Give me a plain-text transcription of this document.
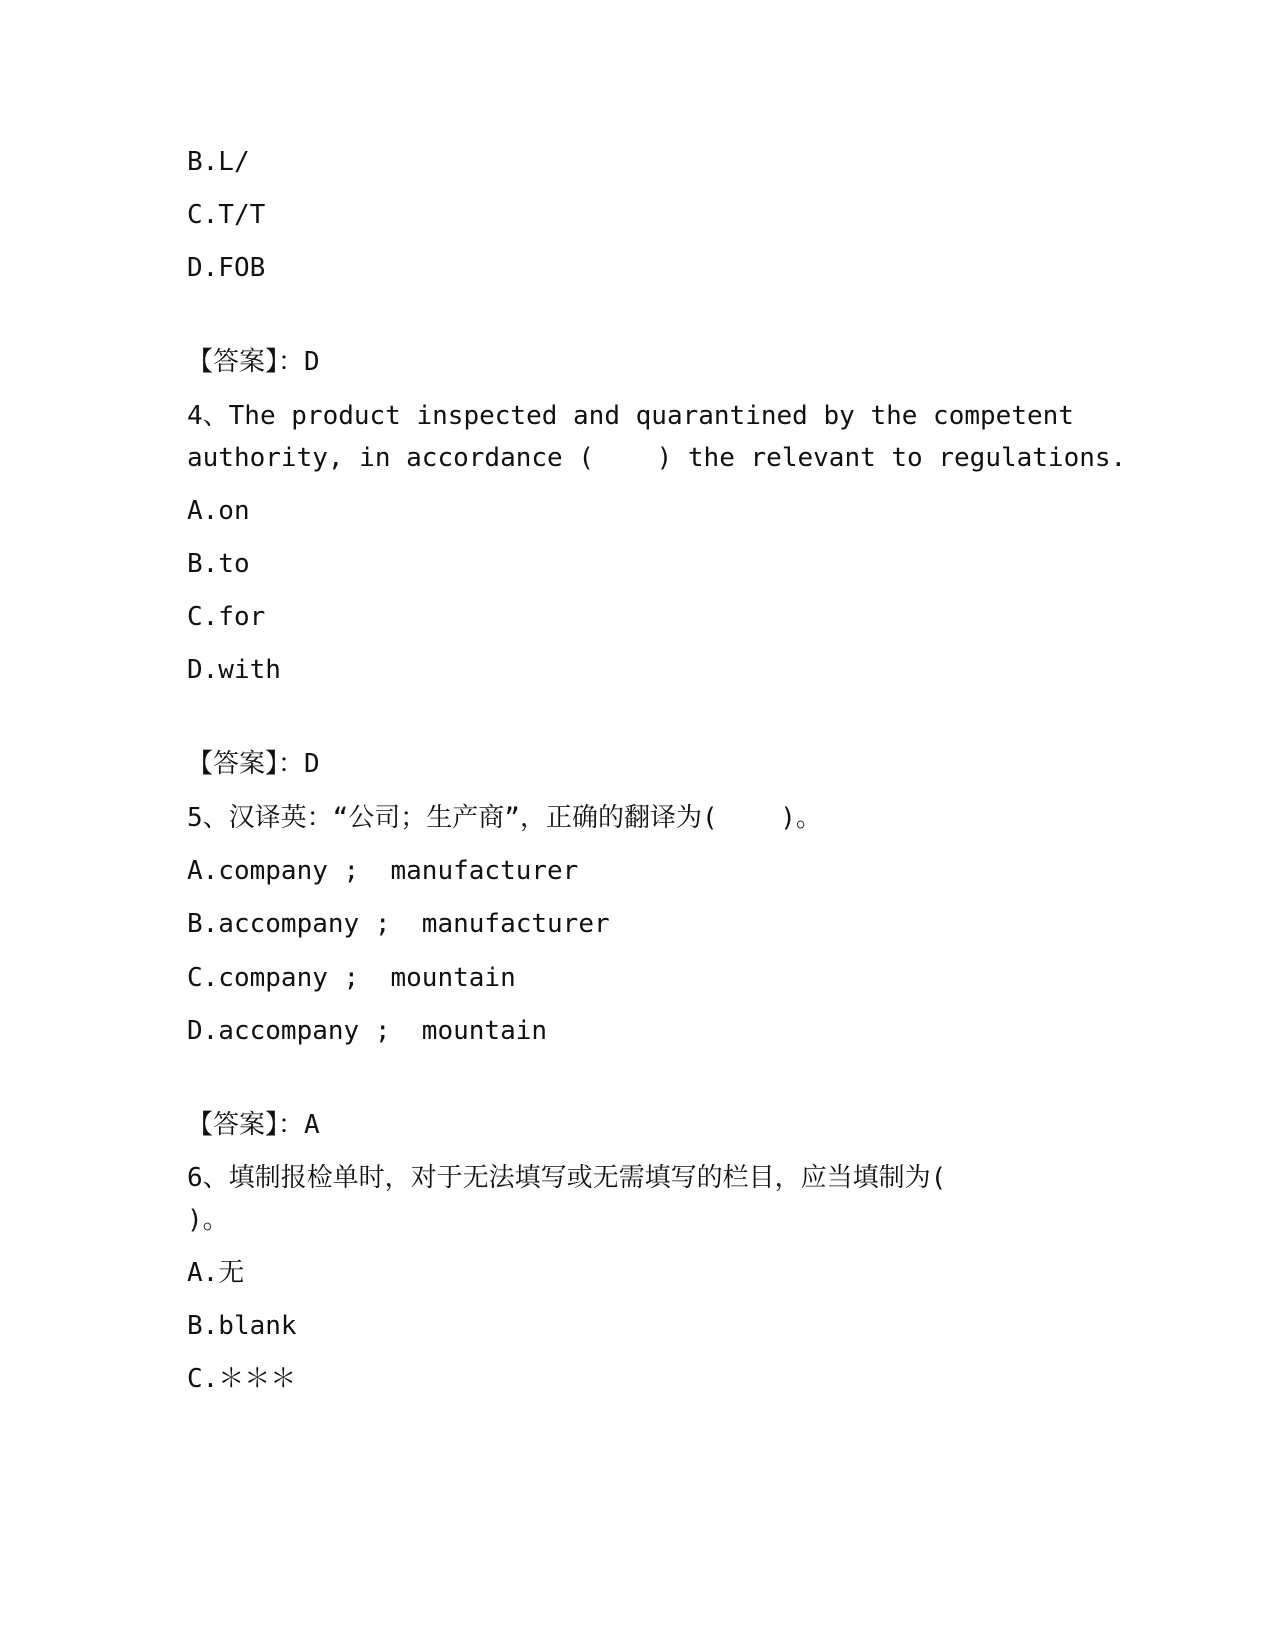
B.L/
C.T/T
D.FOB
【答案】：D
4、The product inspected and quarantined by the competent
authority, in accordance (    ) the relevant to regulations.
A.on
B.to
C.for
D.with
【答案】：D
5、汉译英：“公司；生产商”，正确的翻译为(    )。
A.company ;  manufacturer
B.accompany ;  manufacturer
C.company ;  mountain
D.accompany ;  mountain
【答案】：A
6、填制报检单时，对于无法填写或无需填写的栏目，应当填制为(
)。
A.无
B.blank
C.＊＊＊
